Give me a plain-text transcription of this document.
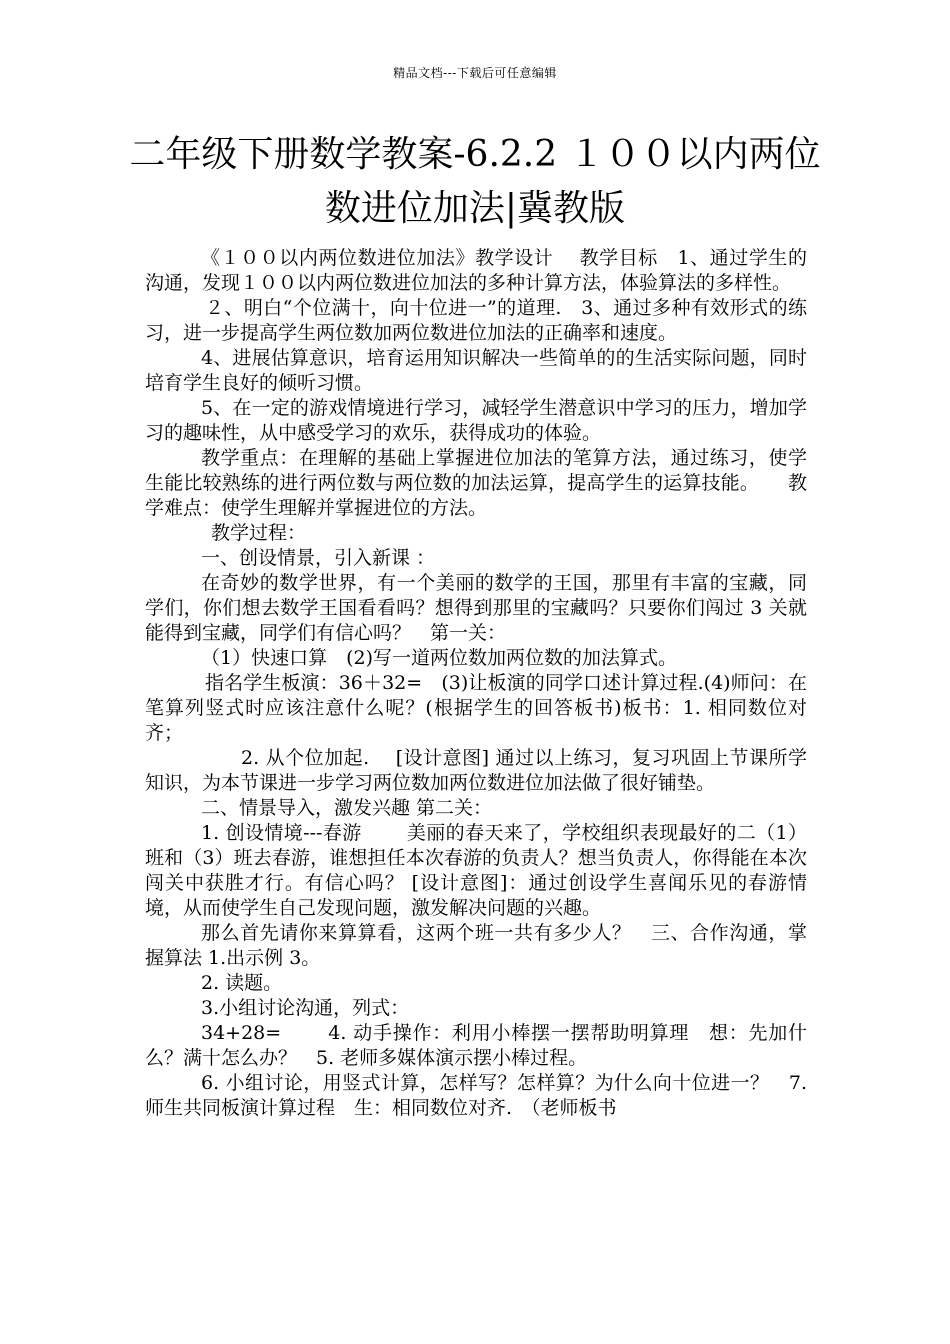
精品文档---下载后可任意编辑
二年级下册数学教案-6.2.2 １００以内两位数进位加法|冀教版

《１００以内两位数进位加法》教学设计　 教学目标　1、通过学生的沟通，发现１００以内两位数进位加法的多种计算方法，体验算法的多样性。

２、明白“个位满十，向十位进一”的道理.　3、通过多种有效形式的练习，进一步提高学生两位数加两位数进位加法的正确率和速度。

4、进展估算意识，培育运用知识解决一些简单的的生活实际问题，同时培育学生良好的倾听习惯。

5、在一定的游戏情境进行学习，减轻学生潜意识中学习的压力，增加学习的趣味性，从中感受学习的欢乐，获得成功的体验。

教学重点：在理解的基础上掌握进位加法的笔算方法，通过练习，使学生能比较熟练的进行两位数与两位数的加法运算，提高学生的运算技能。　　教学难点：使学生理解并掌握进位的方法。

教学过程：

一、创设情景，引入新课 ：

在奇妙的数学世界，有一个美丽的数学的王国，那里有丰富的宝藏，同学们，你们想去数学王国看看吗？想得到那里的宝藏吗？只要你们闯过 3 关就能得到宝藏，同学们有信心吗？　第一关：

（1）快速口算　(2)写一道两位数加两位数的加法算式。

指名学生板演：36＋32=　(3)让板演的同学口述计算过程.(4)师问：在笔算列竖式时应该注意什么呢？(根据学生的回答板书)板书：1. 相同数位对齐；

2. 从个位加起.　 [设计意图] 通过以上练习，复习巩固上节课所学知识，为本节课进一步学习两位数加两位数进位加法做了很好铺垫。

二、情景导入，激发兴趣 第二关：

1. 创设情境---春游　　 美丽的春天来了，学校组织表现最好的二（1）班和（3）班去春游，谁想担任本次春游的负责人？想当负责人，你得能在本次闯关中获胜才行。有信心吗？ [设计意图]：通过创设学生喜闻乐见的春游情境，从而使学生自己发现问题，激发解决问题的兴趣。

那么首先请你来算算看，这两个班一共有多少人？　三、合作沟通，掌握算法 1.出示例 3。

2. 读题。

3.小组讨论沟通，列式：

34+28=　　 4. 动手操作：利用小棒摆一摆帮助明算理　想：先加什么？满十怎么办？　5. 老师多媒体演示摆小棒过程。

6. 小组讨论，用竖式计算，怎样写？怎样算？为什么向十位进一？　7.师生共同板演计算过程　生：相同数位对齐.　（老师板书
